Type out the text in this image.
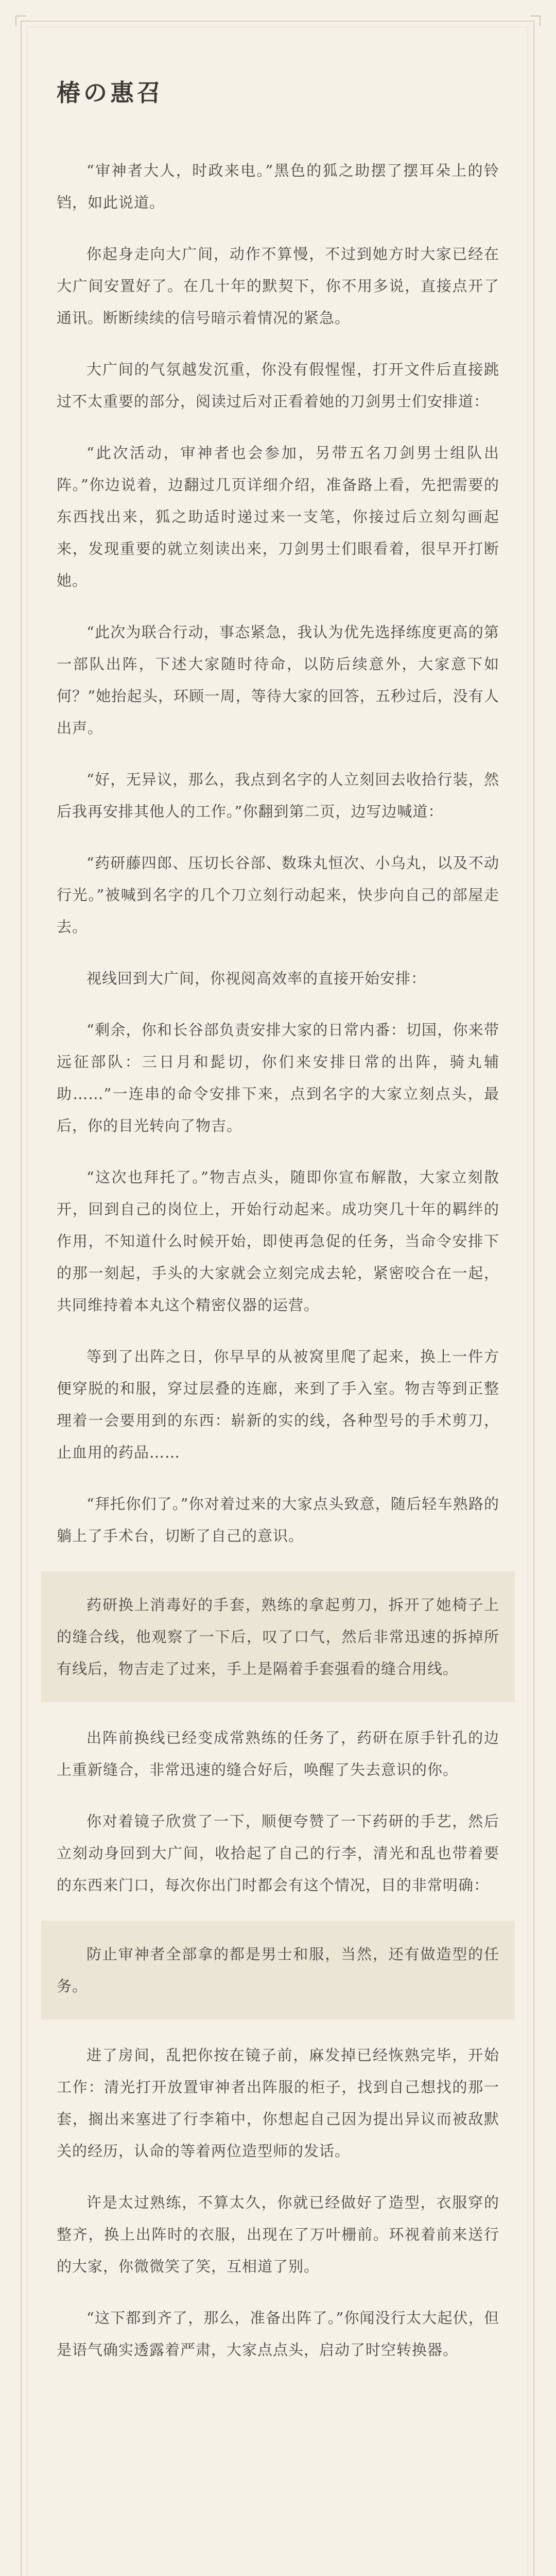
椿の惠召

“审神者大人，时政来电。”黑色的狐之助摆了摆耳朵上的铃铛，如此说道。

你起身走向大广间，动作不算慢，不过到她方时大家已经在大广间安置好了。在几十年的默契下，你不用多说，直接点开了通讯。断断续续的信号暗示着情况的紧急。

大广间的气氛越发沉重，你没有假惺惺，打开文件后直接跳过不太重要的部分，阅读过后对正看着她的刀剑男士们安排道：

“此次活动，审神者也会参加，另带五名刀剑男士组队出阵。”你边说着，边翻过几页详细介绍，准备路上看，先把需要的东西找出来，狐之助适时递过来一支笔，你接过后立刻勾画起来，发现重要的就立刻读出来，刀剑男士们眼看着，很早开打断她。

“此次为联合行动，事态紧急，我认为优先选择练度更高的第一部队出阵，下述大家随时待命，以防后续意外，大家意下如何？”她抬起头，环顾一周，等待大家的回答，五秒过后，没有人出声。

“好，无异议，那么，我点到名字的人立刻回去收拾行装，然后我再安排其他人的工作。”你翻到第二页，边写边喊道：

“药研藤四郎、压切长谷部、数珠丸恒次、小乌丸，以及不动行光。”被喊到名字的几个刀立刻行动起来，快步向自己的部屋走去。

视线回到大广间，你视阅高效率的直接开始安排：

“剩余，你和长谷部负责安排大家的日常内番：切国，你来带远征部队：三日月和髭切，你们来安排日常的出阵，骑丸辅助……”一连串的命令安排下来，点到名字的大家立刻点头，最后，你的目光转向了物吉。

“这次也拜托了。”物吉点头，随即你宣布解散，大家立刻散开，回到自己的岗位上，开始行动起来。成功突几十年的羁绊的作用，不知道什么时候开始，即使再急促的任务，当命令安排下的那一刻起，手头的大家就会立刻完成去轮，紧密咬合在一起，共同维持着本丸这个精密仪器的运营。

等到了出阵之日，你早早的从被窝里爬了起来，换上一件方便穿脱的和服，穿过层叠的连廊，来到了手入室。物吉等到正整理着一会要用到的东西：崭新的实的线，各种型号的手术剪刀，止血用的药品……

“拜托你们了。”你对着过来的大家点头致意，随后轻车熟路的躺上了手术台，切断了自己的意识。

药研换上消毒好的手套，熟练的拿起剪刀，拆开了她椅子上的缝合线，他观察了一下后，叹了口气，然后非常迅速的拆掉所有线后，物吉走了过来，手上是隔着手套强看的缝合用线。

出阵前换线已经变成常熟练的任务了，药研在原手针孔的边上重新缝合，非常迅速的缝合好后，唤醒了失去意识的你。

你对着镜子欣赏了一下，顺便夸赞了一下药研的手艺，然后立刻动身回到大广间，收拾起了自己的行李，清光和乱也带着要的东西来门口，每次你出门时都会有这个情况，目的非常明确：

防止审神者全部拿的都是男士和服，当然，还有做造型的任务。

进了房间，乱把你按在镜子前，麻发掉已经恢熟完毕，开始工作：清光打开放置审神者出阵服的柜子，找到自己想找的那一套，搁出来塞进了行李箱中，你想起自己因为提出异议而被敌默关的经历，认命的等着两位造型师的发话。

许是太过熟练，不算太久，你就已经做好了造型，衣服穿的整齐，换上出阵时的衣服，出现在了万叶栅前。环视着前来送行的大家，你微微笑了笑，互相道了别。

“这下都到齐了，那么，准备出阵了。”你闻没行太大起伏，但是语气确实透露着严肃，大家点点头，启动了时空转换器。
